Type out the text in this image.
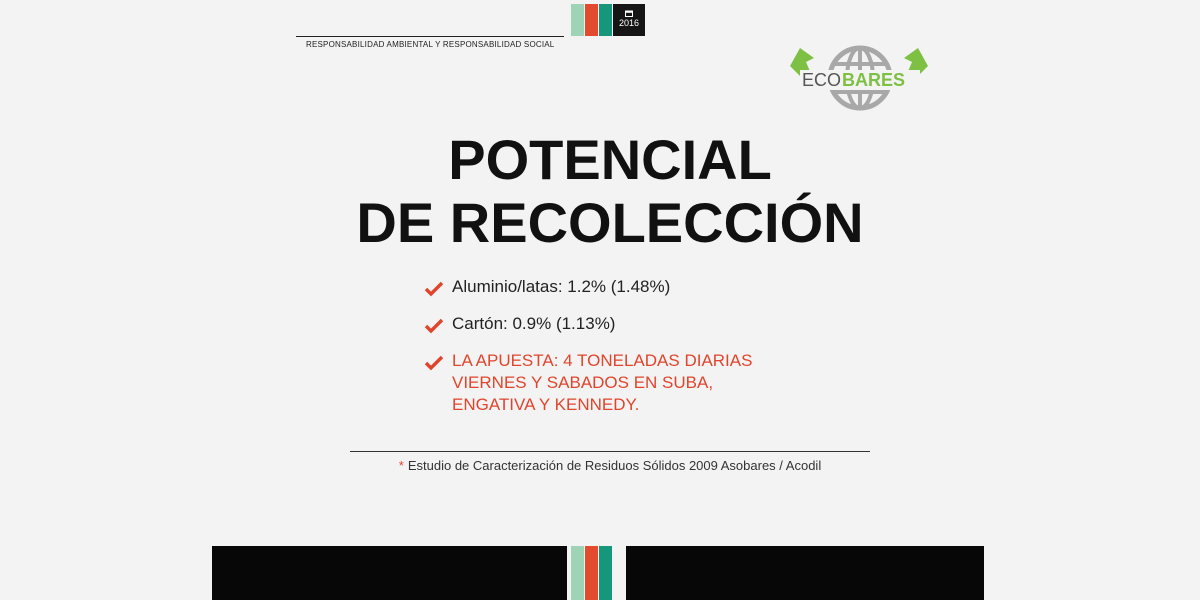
RESPONSABILIDAD AMBIENTAL Y RESPONSABILIDAD SOCIAL
2016
ECO BARES
POTENCIAL
DE RECOLECCIÓN
Aluminio/latas: 1.2% (1.48%)
Cartón: 0.9% (1.13%)
LA APUESTA: 4 TONELADAS DIARIAS VIERNES Y SABADOS EN SUBA, ENGATIVA Y KENNEDY.
* Estudio de Caracterización de Residuos Sólidos 2009 Asobares / Acodil
